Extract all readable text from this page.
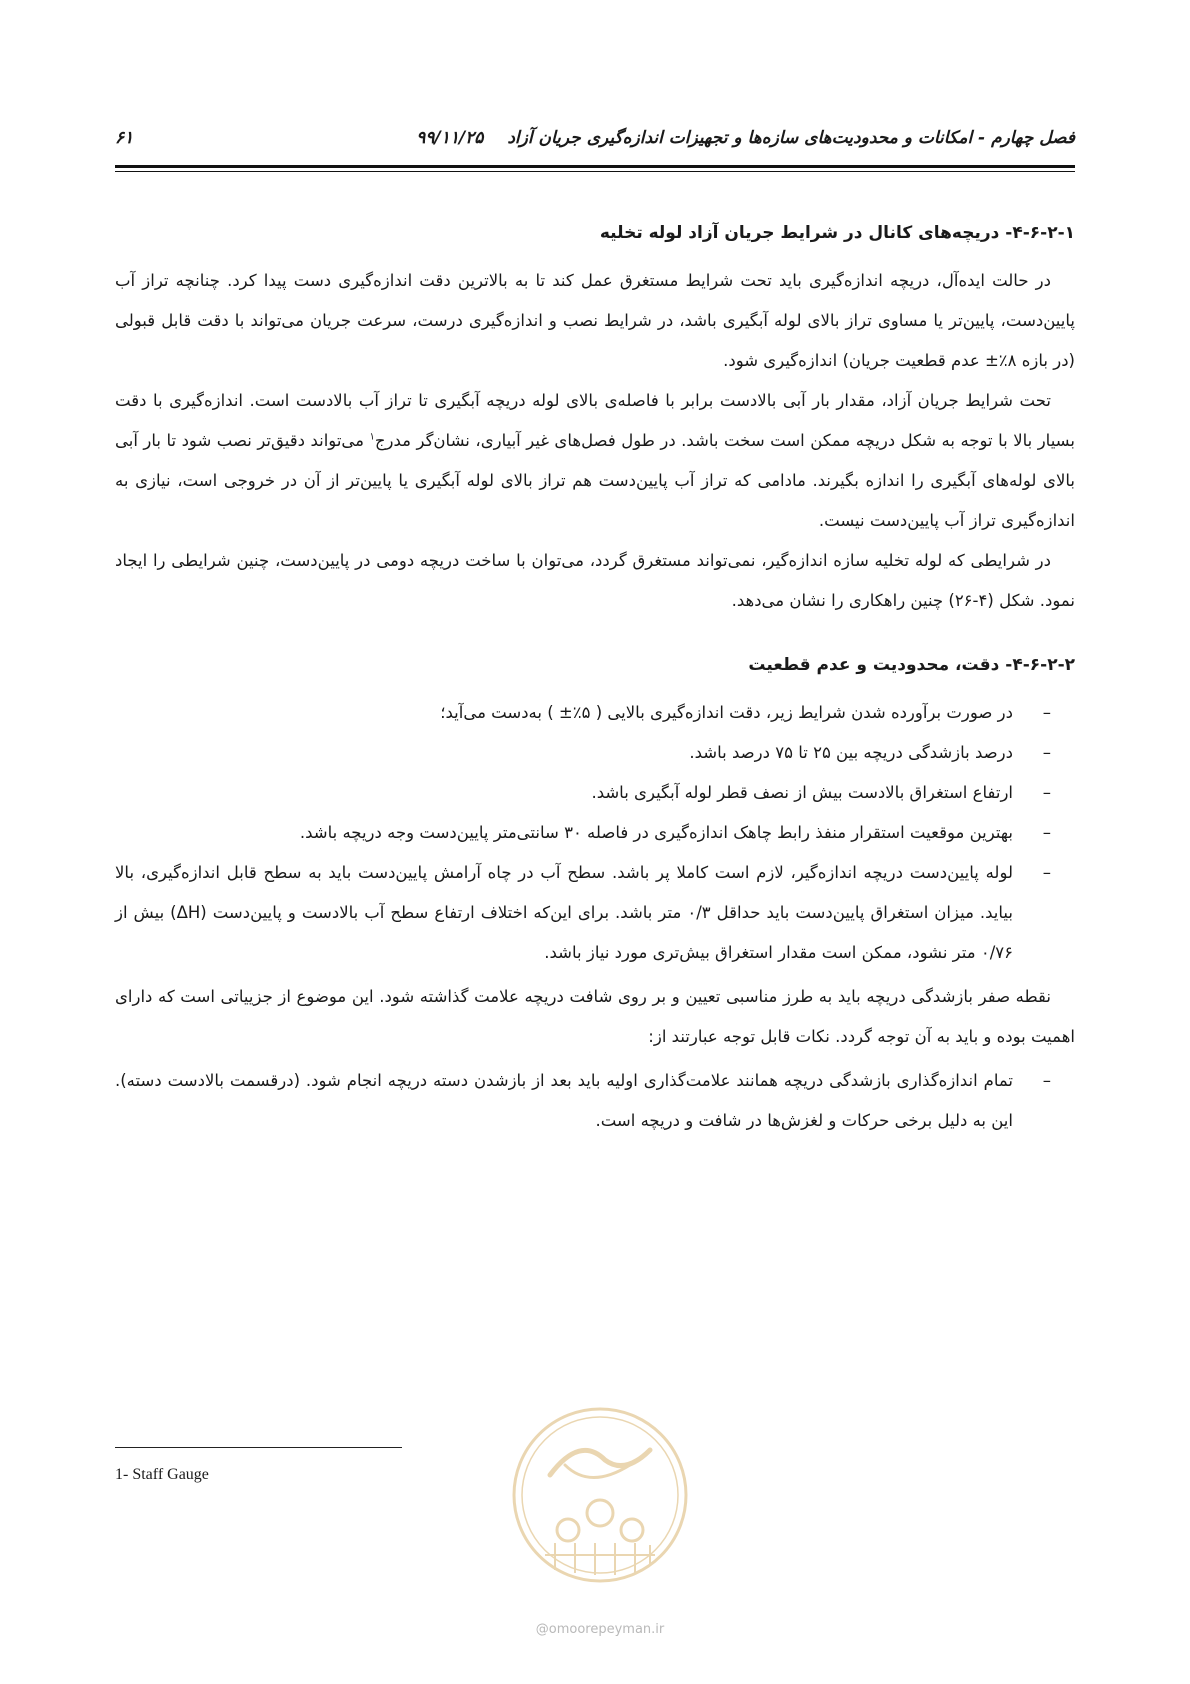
فصل چهارم - امکانات و محدودیت‌های سازه‌ها و تجهیزات اندازه‌گیری جریان آزاد ۹۹/۱۱/۲۵
۶۱
۴-۶-۲-۱- دریچه‌های کانال در شرایط جریان آزاد لوله تخلیه

در حالت ایده‌آل، دریچه اندازه‌گیری باید تحت شرایط مستغرق عمل کند تا به بالاترین دقت اندازه‌گیری دست پیدا کرد. چنانچه تراز آب پایین‌دست، پایین‌تر یا مساوی تراز بالای لوله آبگیری باشد، در شرایط نصب و اندازه‌گیری درست، سرعت جریان می‌تواند با دقت قابل قبولی (در بازه ۸٪± عدم قطعیت جریان) اندازه‌گیری شود.

تحت شرایط جریان آزاد، مقدار بار آبی بالادست برابر با فاصله‌ی بالای لوله دریچه آبگیری تا تراز آب بالادست است. اندازه‌گیری با دقت بسیار بالا با توجه به شکل دریچه ممکن است سخت باشد. در طول فصل‌های غیر آبیاری، نشان‌گر مدرج$^۱$ می‌تواند دقیق‌تر نصب شود تا بار آبی بالای لوله‌های آبگیری را اندازه بگیرند. مادامی که تراز آب پایین‌دست هم تراز بالای لوله آبگیری یا پایین‌تر از آن در خروجی است، نیازی به اندازه‌گیری تراز آب پایین‌دست نیست.

در شرایطی که لوله تخلیه سازه اندازه‌گیر، نمی‌تواند مستغرق گردد، می‌توان با ساخت دریچه دومی در پایین‌دست، چنین شرایطی را ایجاد نمود. شکل (۴-۲۶) چنین راهکاری را نشان می‌دهد.

۴-۶-۲-۲- دقت، محدودیت و عدم قطعیت
–
در صورت برآورده شدن شرایط زیر، دقت اندازه‌گیری بالایی ( ۵٪± ) به‌دست می‌آید؛
–
درصد بازشدگی دریچه بین ۲۵ تا ۷۵ درصد باشد.
–
ارتفاع استغراق بالادست بیش از نصف قطر لوله آبگیری باشد.
–
بهترین موقعیت استقرار منفذ رابط چاهک اندازه‌گیری در فاصله ۳۰ سانتی‌متر پایین‌دست وجه دریچه باشد.
–
لوله پایین‌دست دریچه اندازه‌گیر، لازم است کاملا پر باشد. سطح آب در چاه آرامش پایین‌دست باید به سطح قابل اندازه‌گیری، بالا بیاید. میزان استغراق پایین‌دست باید حداقل ۰/۳ متر باشد. برای این‌که اختلاف ارتفاع سطح آب بالادست و پایین‌دست (ΔH) بیش از ۰/۷۶ متر نشود، ممکن است مقدار استغراق بیش‌تری مورد نیاز باشد.

نقطه صفر بازشدگی دریچه باید به طرز مناسبی تعیین و بر روی شافت دریچه علامت گذاشته شود. این موضوع از جزییاتی است که دارای اهمیت بوده و باید به آن توجه گردد. نکات قابل توجه عبارتند از:

–
تمام اندازه‌گذاری بازشدگی دریچه همانند علامت‌گذاری اولیه باید بعد از بازشدن دسته دریچه انجام شود. (درقسمت بالادست دسته). این به دلیل برخی حرکات و لغزش‌ها در شافت و دریچه است.
1- Staff Gauge
@omoorepeyman.ir
